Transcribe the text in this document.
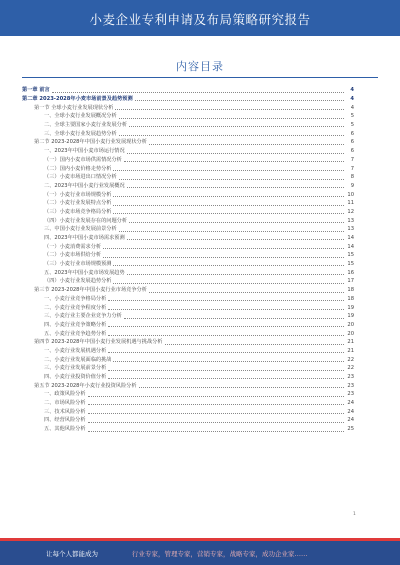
小麦企业专利申请及布局策略研究报告
内容目录
第一章 前言	4
第二章 2023-2028年小麦市场前景及趋势预测	4
第一节 全球小麦行业发展现状分析	4
一、全球小麦行业发展概况分析	5
二、全球主要国家小麦行业发展分析	5
三、全球小麦行业发展趋势分析	6
第二节 2023-2028年中国小麦行业发展现状分析	6
一、2023年中国小麦市场运行情况	6
（一）国内小麦市场供需情况分析	7
（二）国内小麦价格走势分析	7
（三）小麦市场进出口情况分析	8
二、2023年中国小麦行业发展概况	9
（一）小麦行业市场规模分析	10
（二）小麦行业发展特点分析	11
（三）小麦市场竞争格局分析	12
（四）小麦行业发展存在的问题分析	13
三、中国小麦行业发展前景分析	13
四、2023年中国小麦市场需求预测	14
（一）小麦消费需求分析	14
（二）小麦市场供给分析	15
（三）小麦行业市场规模预测	15
五、2023年中国小麦市场发展趋势	16
（四）小麦行业发展趋势分析	17
第三节 2023-2028年中国小麦行业市场竞争分析	18
一、小麦行业竞争格局分析	18
二、小麦行业竞争程度分析	19
三、小麦行业主要企业竞争力分析	19
四、小麦行业竞争策略分析	20
五、小麦行业竞争趋势分析	20
第四节 2023-2028年中国小麦行业发展机遇与挑战分析	21
一、小麦行业发展机遇分析	21
二、小麦行业发展面临的挑战	22
三、小麦行业发展前景分析	22
四、小麦行业投资价值分析	23
第五节 2023-2028年小麦行业投资风险分析	23
一、政策风险分析	23
二、市场风险分析	24
三、技术风险分析	24
四、经营风险分析	24
五、其他风险分析	25
1
让每个人都能成为	行业专家，管理专家，营销专家，战略专家，成功企业家……
